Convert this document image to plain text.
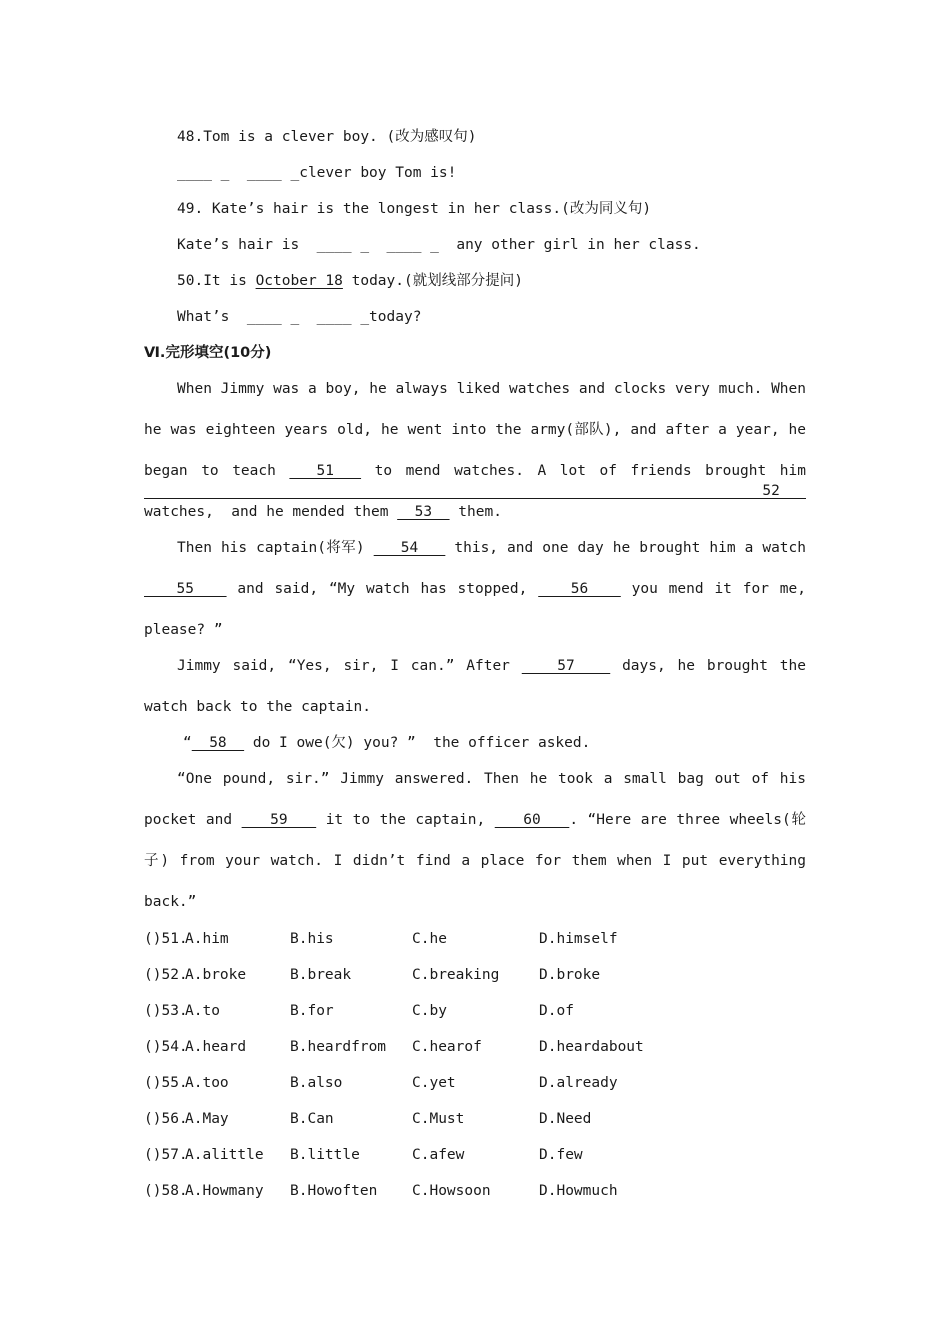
48.Tom is a clever boy. (改为感叹句)
____ _  ____ _clever boy Tom is!
49. Kate’s hair is the longest in her class.(改为同义句)
Kate’s hair is  ____ _  ____ _  any other girl in her class.
50.It is October 18 today.(就划线部分提问)
What’s  ____ _  ____ _today?
Ⅵ.完形填空(10分)
When Jimmy was a boy, he always liked watches and clocks very much. When
he was eighteen years old, he went into the army(部队), and after a year, he
began to teach   51   to mend watches. A lot of friends brought him    52
watches,  and he mended them   53   them.
Then his captain(将军)    54    this, and one day he brought him a watch
55    and said, “My watch has stopped,    56    you mend it for me,
please? ”
Jimmy said, “Yes, sir, I can.” After    57    days, he brought the
watch back to the captain.
“  58   do I owe(欠) you? ”  the officer asked.
“One pound, sir.” Jimmy answered. Then he took a small bag out of his
pocket and    59    it to the captain,    60   . “Here are three wheels(轮
子) from your watch. I didn’t find a place for them when I put everything
back.”
()51.
A.him	B.his	C.he	D.himself
()52.
A.broke	B.break	C.breaking	D.broke
()53.
A.to	B.for	C.by	D.of
()54.
A.heard	B.heardfrom C.hearof	D.heardabout
()55.
A.too	B.also	C.yet	D.already
()56.
A.May	B.Can	C.Must	D.Need
()57.
A.alittle B.little	C.afew	D.few
()58.
A.Howmany B.Howoften C.Howsoon	D.Howmuch
